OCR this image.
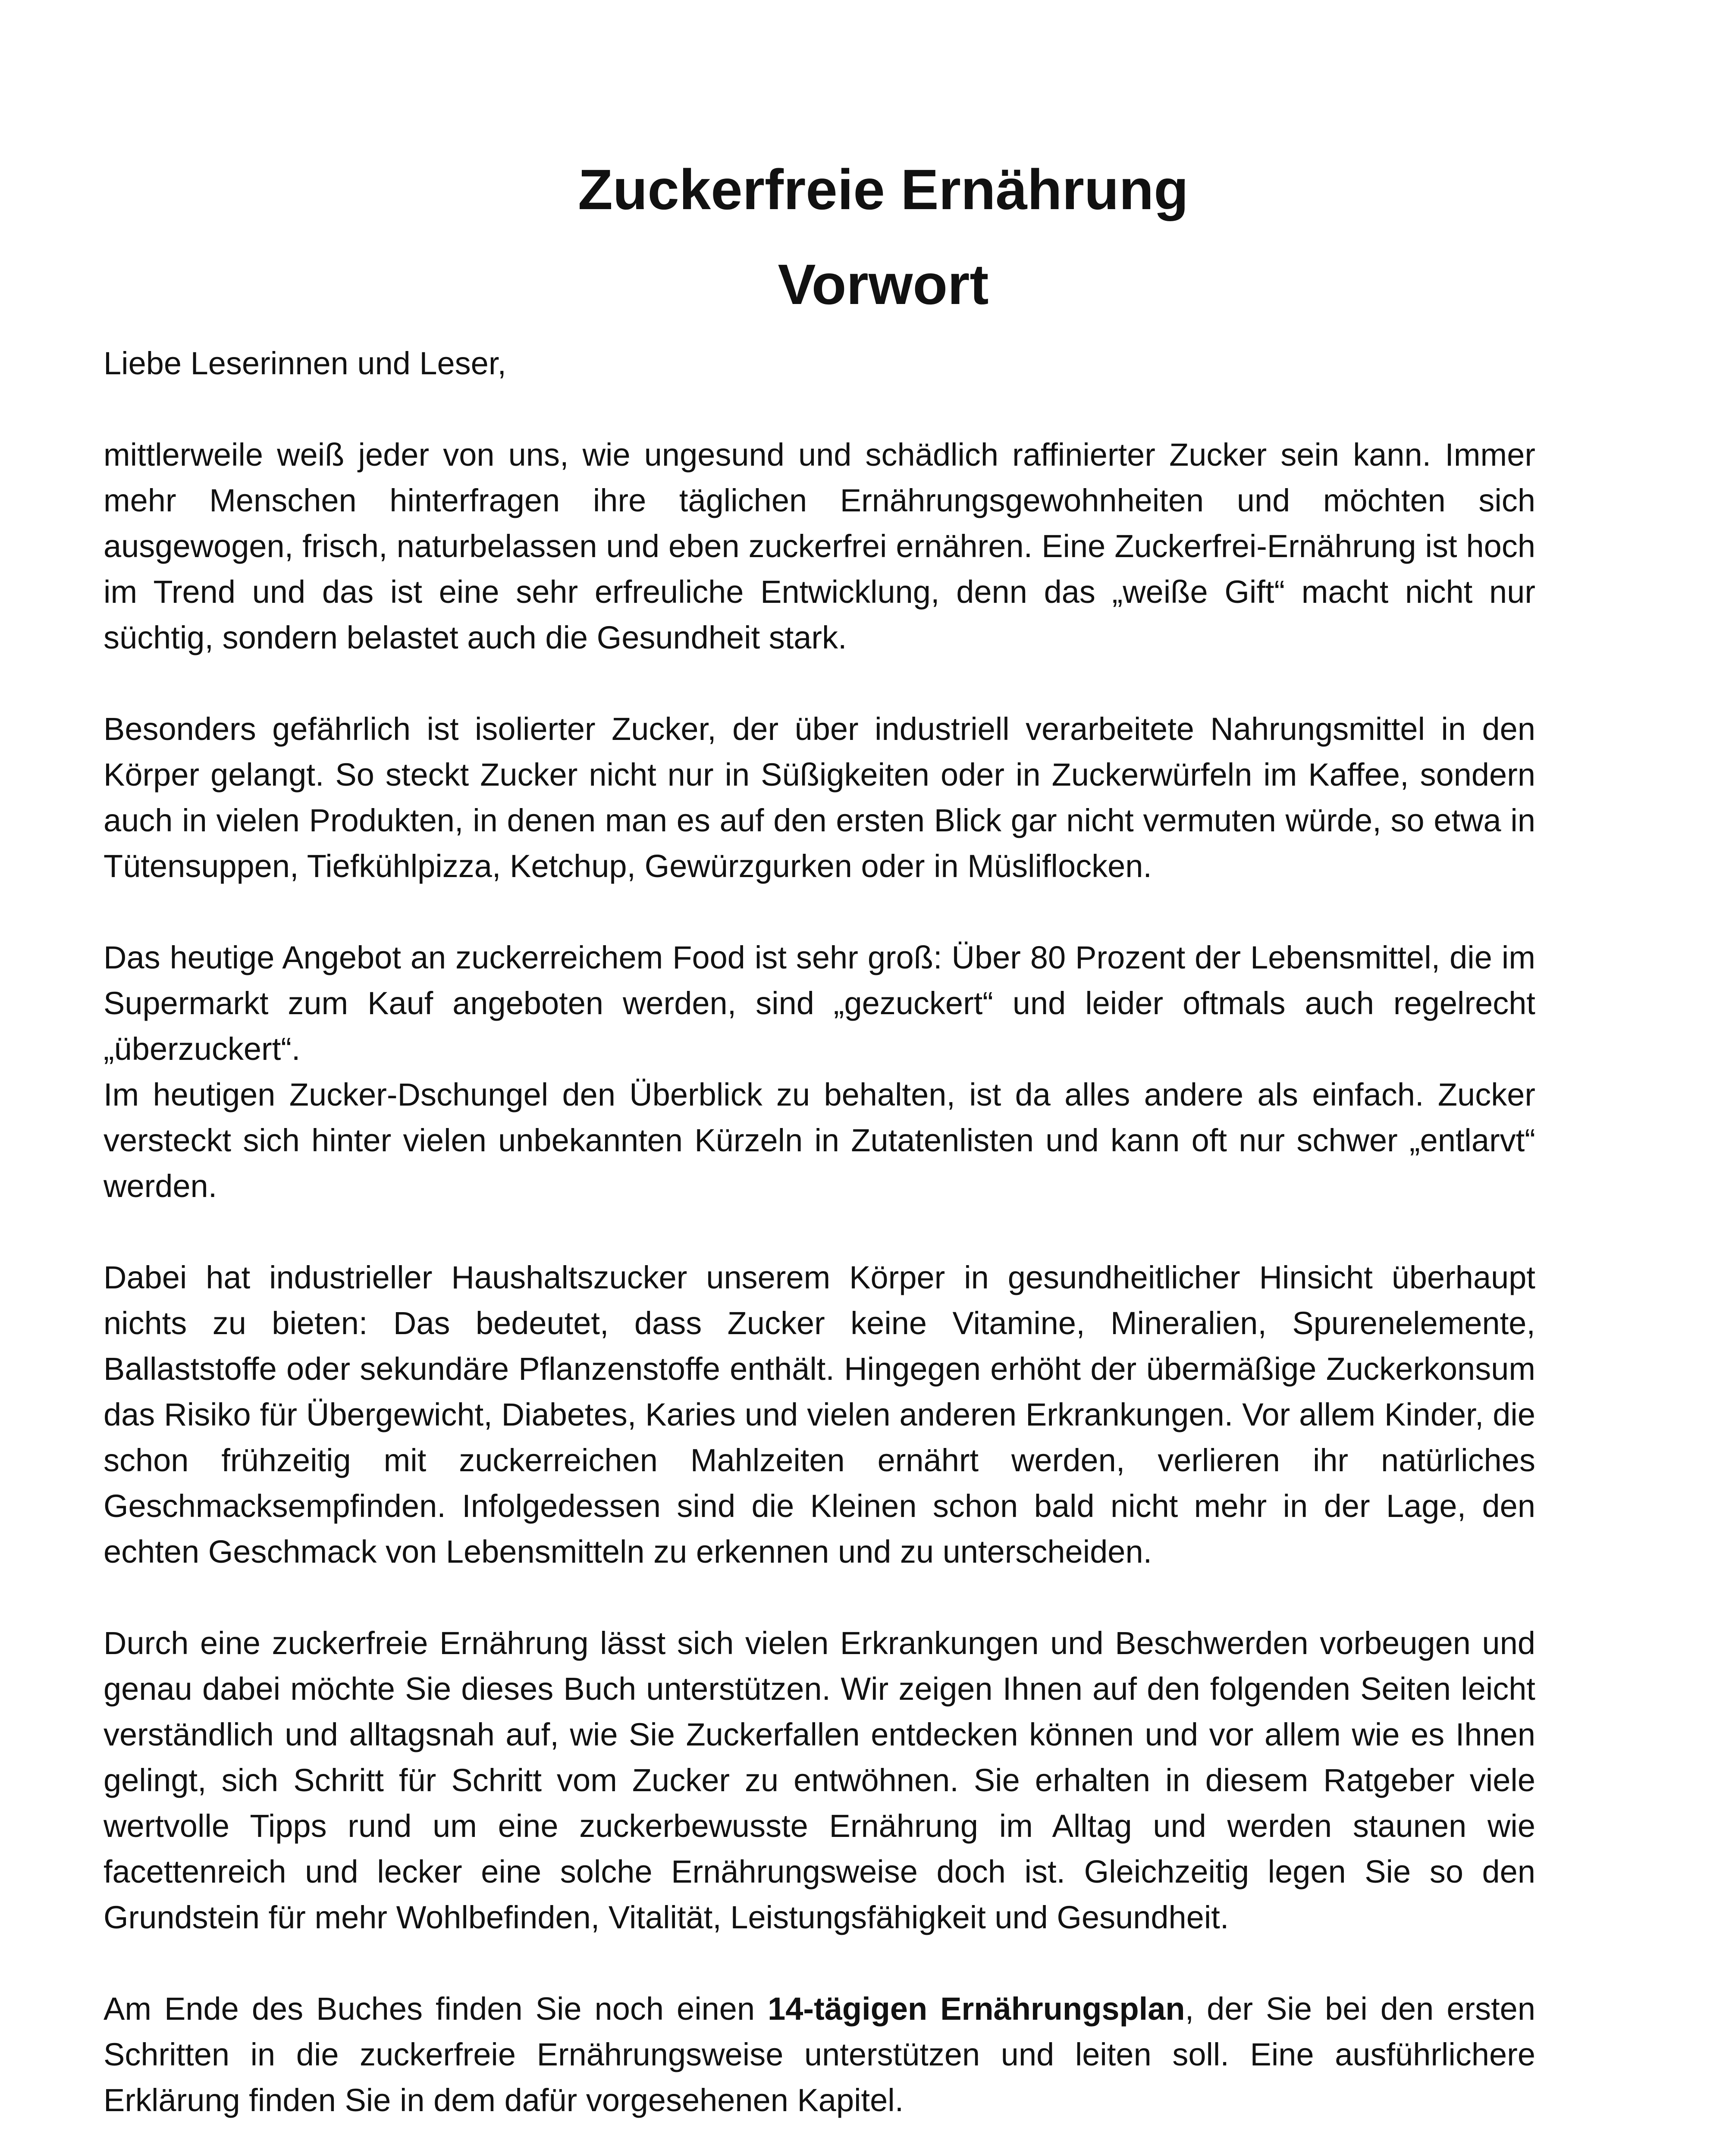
Zuckerfreie Ernährung
Vorwort

Liebe Leserinnen und Leser,

mittlerweile weiß jeder von uns, wie ungesund und schädlich raffinierter Zucker sein kann. Immer mehr Menschen hinterfragen ihre täglichen Ernährungsgewohnheiten und möchten sich ausgewogen, frisch, naturbelassen und eben zuckerfrei ernähren. Eine Zuckerfrei-Ernährung ist hoch im Trend und das ist eine sehr erfreuliche Entwicklung, denn das „weiße Gift“ macht nicht nur süchtig, sondern belastet auch die Gesundheit stark.

Besonders gefährlich ist isolierter Zucker, der über industriell verarbeitete Nahrungsmittel in den Körper gelangt. So steckt Zucker nicht nur in Süßigkeiten oder in Zuckerwürfeln im Kaffee, sondern auch in vielen Produkten, in denen man es auf den ersten Blick gar nicht vermuten würde, so etwa in Tütensuppen, Tiefkühlpizza, Ketchup, Gewürzgurken oder in Müsliflocken.

Das heutige Angebot an zuckerreichem Food ist sehr groß: Über 80 Prozent der Lebensmittel, die im Supermarkt zum Kauf angeboten werden, sind „gezuckert“ und leider oftmals auch regelrecht „überzuckert“.

Im heutigen Zucker-Dschungel den Überblick zu behalten, ist da alles andere als einfach. Zucker versteckt sich hinter vielen unbekannten Kürzeln in Zutatenlisten und kann oft nur schwer „entlarvt“ werden.

Dabei hat industrieller Haushaltszucker unserem Körper in gesundheitlicher Hinsicht überhaupt nichts zu bieten: Das bedeutet, dass Zucker keine Vitamine, Mineralien, Spurenelemente, Ballaststoffe oder sekundäre Pflanzenstoffe enthält. Hingegen erhöht der übermäßige Zuckerkonsum das Risiko für Übergewicht, Diabetes, Karies und vielen anderen Erkrankungen. Vor allem Kinder, die schon frühzeitig mit zuckerreichen Mahlzeiten ernährt werden, verlieren ihr natürliches Geschmacksempfinden. Infolgedessen sind die Kleinen schon bald nicht mehr in der Lage, den echten Geschmack von Lebensmitteln zu erkennen und zu unterscheiden.

Durch eine zuckerfreie Ernährung lässt sich vielen Erkrankungen und Beschwerden vorbeugen und genau dabei möchte Sie dieses Buch unterstützen. Wir zeigen Ihnen auf den folgenden Seiten leicht verständlich und alltagsnah auf, wie Sie Zuckerfallen entdecken können und vor allem wie es Ihnen gelingt, sich Schritt für Schritt vom Zucker zu entwöhnen. Sie erhalten in diesem Ratgeber viele wertvolle Tipps rund um eine zuckerbewusste Ernährung im Alltag und werden staunen wie facettenreich und lecker eine solche Ernährungsweise doch ist. Gleichzeitig legen Sie so den Grundstein für mehr Wohlbefinden, Vitalität, Leistungsfähigkeit und Gesundheit.

Am Ende des Buches finden Sie noch einen 14-tägigen Ernährungsplan, der Sie bei den ersten Schritten in die zuckerfreie Ernährungsweise unterstützen und leiten soll. Eine ausführlichere Erklärung finden Sie in dem dafür vorgesehenen Kapitel.
